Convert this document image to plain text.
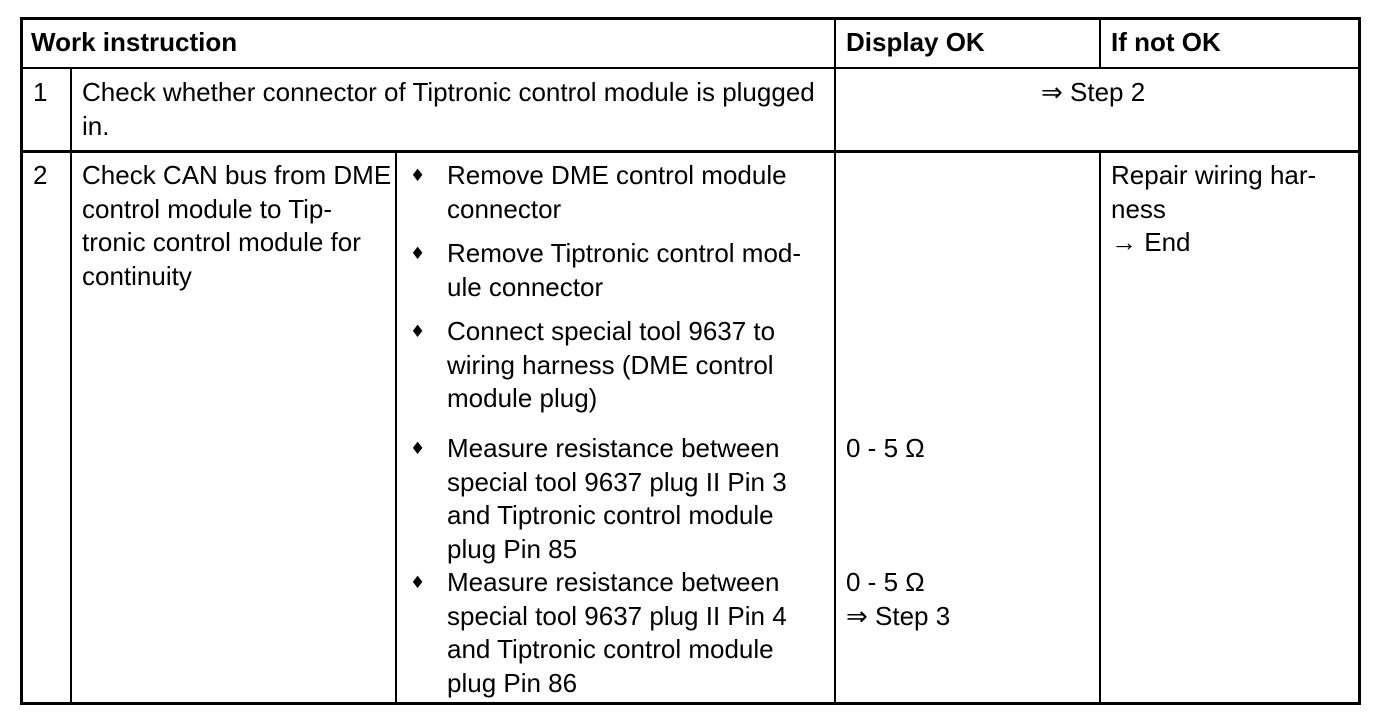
Work instruction	Display OK	If not OK
1 Check whether connector of Tiptronic control module is plugged
in.
⇒ Step 2
2 Check CAN bus from DME
control module to Tip-
tronic control module for
continuity
♦ Remove DME control module
connector
♦ Remove Tiptronic control mod-
ule connector
♦ Connect special tool 9637 to
wiring harness (DME control
module plug)
♦ Measure resistance between
special tool 9637 plug II Pin 3
and Tiptronic control module
plug Pin 85
0 - 5 Ω
♦ Measure resistance between
special tool 9637 plug II Pin 4
and Tiptronic control module
plug Pin 86
0 - 5 Ω
⇒ Step 3
Repair wiring har-
ness
→ End
